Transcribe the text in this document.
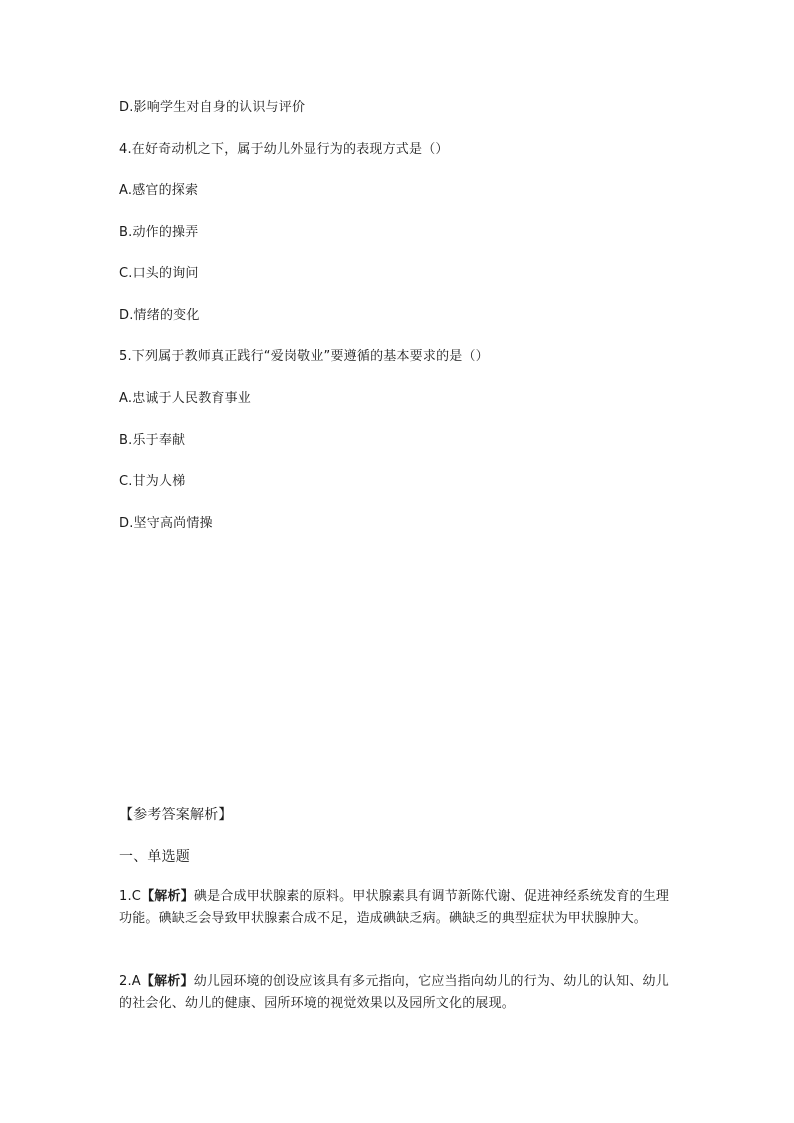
D.影响学生对自身的认识与评价
4.在好奇动机之下，属于幼儿外显行为的表现方式是（）
A.感官的探索
B.动作的操弄
C.口头的询问
D.情绪的变化
5.下列属于教师真正践行“爱岗敬业”要遵循的基本要求的是（）
A.忠诚于人民教育事业
B.乐于奉献
C.甘为人梯
D.坚守高尚情操
【参考答案解析】
一、单选题
1.C【解析】碘是合成甲状腺素的原料。甲状腺素具有调节新陈代谢、促进神经系统发育的生理功能。碘缺乏会导致甲状腺素合成不足，造成碘缺乏病。碘缺乏的典型症状为甲状腺肿大。
2.A【解析】幼儿园环境的创设应该具有多元指向，它应当指向幼儿的行为、幼儿的认知、幼儿的社会化、幼儿的健康、园所环境的视觉效果以及园所文化的展现。
